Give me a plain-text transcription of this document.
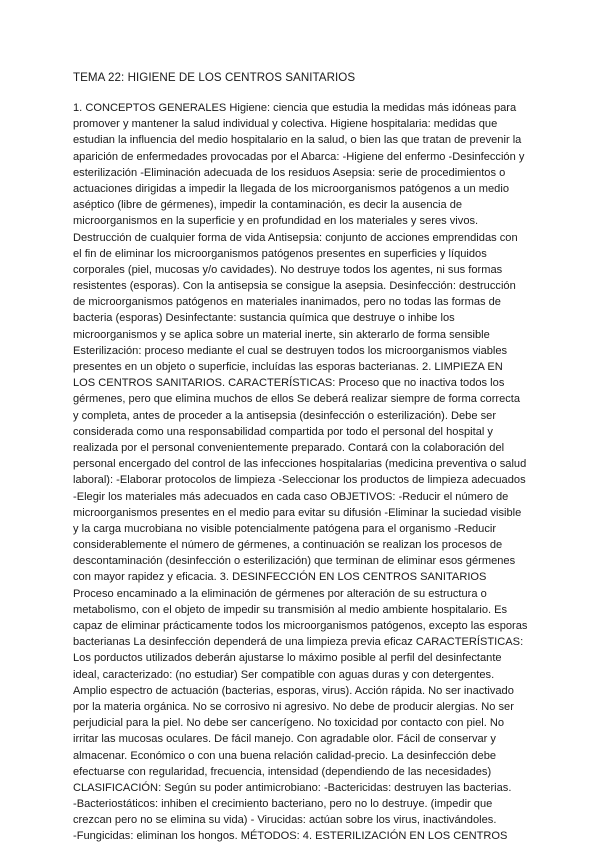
TEMA 22: HIGIENE DE LOS CENTROS SANITARIOS
1. CONCEPTOS GENERALES Higiene: ciencia que estudia la medidas más idóneas para
promover y mantener la salud individual y colectiva. Higiene hospitalaria: medidas que
estudian la influencia del medio hospitalario en la salud, o bien las que tratan de prevenir la
aparición de enfermedades provocadas por el Abarca: -Higiene del enfermo -Desinfección y
esterilización -Eliminación adecuada de los residuos Asepsia: serie de procedimientos o
actuaciones dirigidas a impedir la llegada de los microorganismos patógenos a un medio
aséptico (libre de gérmenes), impedir la contaminación, es decir la ausencia de
microorganismos en la superficie y en profundidad en los materiales y seres vivos.
Destrucción de cualquier forma de vida Antisepsia: conjunto de acciones emprendidas con
el fin de eliminar los microorganismos patógenos presentes en superficies y líquidos
corporales (piel, mucosas y/o cavidades). No destruye todos los agentes, ni sus formas
resistentes (esporas). Con la antisepsia se consigue la asepsia. Desinfección: destrucción
de microorganismos patógenos en materiales inanimados, pero no todas las formas de
bacteria (esporas) Desinfectante: sustancia química que destruye o inhibe los
microorganismos y se aplica sobre un material inerte, sin akterarlo de forma sensible
Esterilización: proceso mediante el cual se destruyen todos los microorganismos viables
presentes en un objeto o superficie, incluídas las esporas bacterianas. 2. LIMPIEZA EN
LOS CENTROS SANITARIOS. CARACTERÍSTICAS: Proceso que no inactiva todos los
gérmenes, pero que elimina muchos de ellos Se deberá realizar siempre de forma correcta
y completa, antes de proceder a la antisepsia (desinfección o esterilización). Debe ser
considerada como una responsabilidad compartida por todo el personal del hospital y
realizada por el personal convenientemente preparado. Contará con la colaboración del
personal encergado del control de las infecciones hospitalarias (medicina preventiva o salud
laboral): -Elaborar protocolos de limpieza -Seleccionar los productos de limpieza adecuados
-Elegir los materiales más adecuados en cada caso OBJETIVOS: -Reducir el número de
microorganismos presentes en el medio para evitar su difusión -Eliminar la suciedad visible
y la carga mucrobiana no visible potencialmente patógena para el organismo -Reducir
considerablemente el número de gérmenes, a continuación se realizan los procesos de
descontaminación (desinfección o esterilización) que terminan de eliminar esos gérmenes
con mayor rapidez y eficacia. 3. DESINFECCIÓN EN LOS CENTROS SANITARIOS
Proceso encaminado a la eliminación de gérmenes por alteración de su estructura o
metabolismo, con el objeto de impedir su transmisión al medio ambiente hospitalario. Es
capaz de eliminar prácticamente todos los microorganismos patógenos, excepto las esporas
bacterianas La desinfección dependerá de una limpieza previa eficaz CARACTERÍSTICAS:
Los porductos utilizados deberán ajustarse lo máximo posible al perfil del desinfectante
ideal, caracterizado: (no estudiar) Ser compatible con aguas duras y con detergentes.
Amplio espectro de actuación (bacterias, esporas, virus). Acción rápida. No ser inactivado
por la materia orgánica. No se corrosivo ni agresivo. No debe de producir alergias. No ser
perjudicial para la piel. No debe ser cancerígeno. No toxicidad por contacto con piel. No
irritar las mucosas oculares. De fácil manejo. Con agradable olor. Fácil de conservar y
almacenar. Económico o con una buena relación calidad-precio. La desinfección debe
efectuarse con regularidad, frecuencia, intensidad (dependiendo de las necesidades)
CLASIFICACIÓN: Según su poder antimicrobiano: -Bactericidas: destruyen las bacterias.
-Bacteriostáticos: inhiben el crecimiento bacteriano, pero no lo destruye. (impedir que
crezcan pero no se elimina su vida) - Virucidas: actúan sobre los virus, inactivándoles.
-Fungicidas: eliminan los hongos. MÉTODOS: 4. ESTERILIZACIÓN EN LOS CENTROS
